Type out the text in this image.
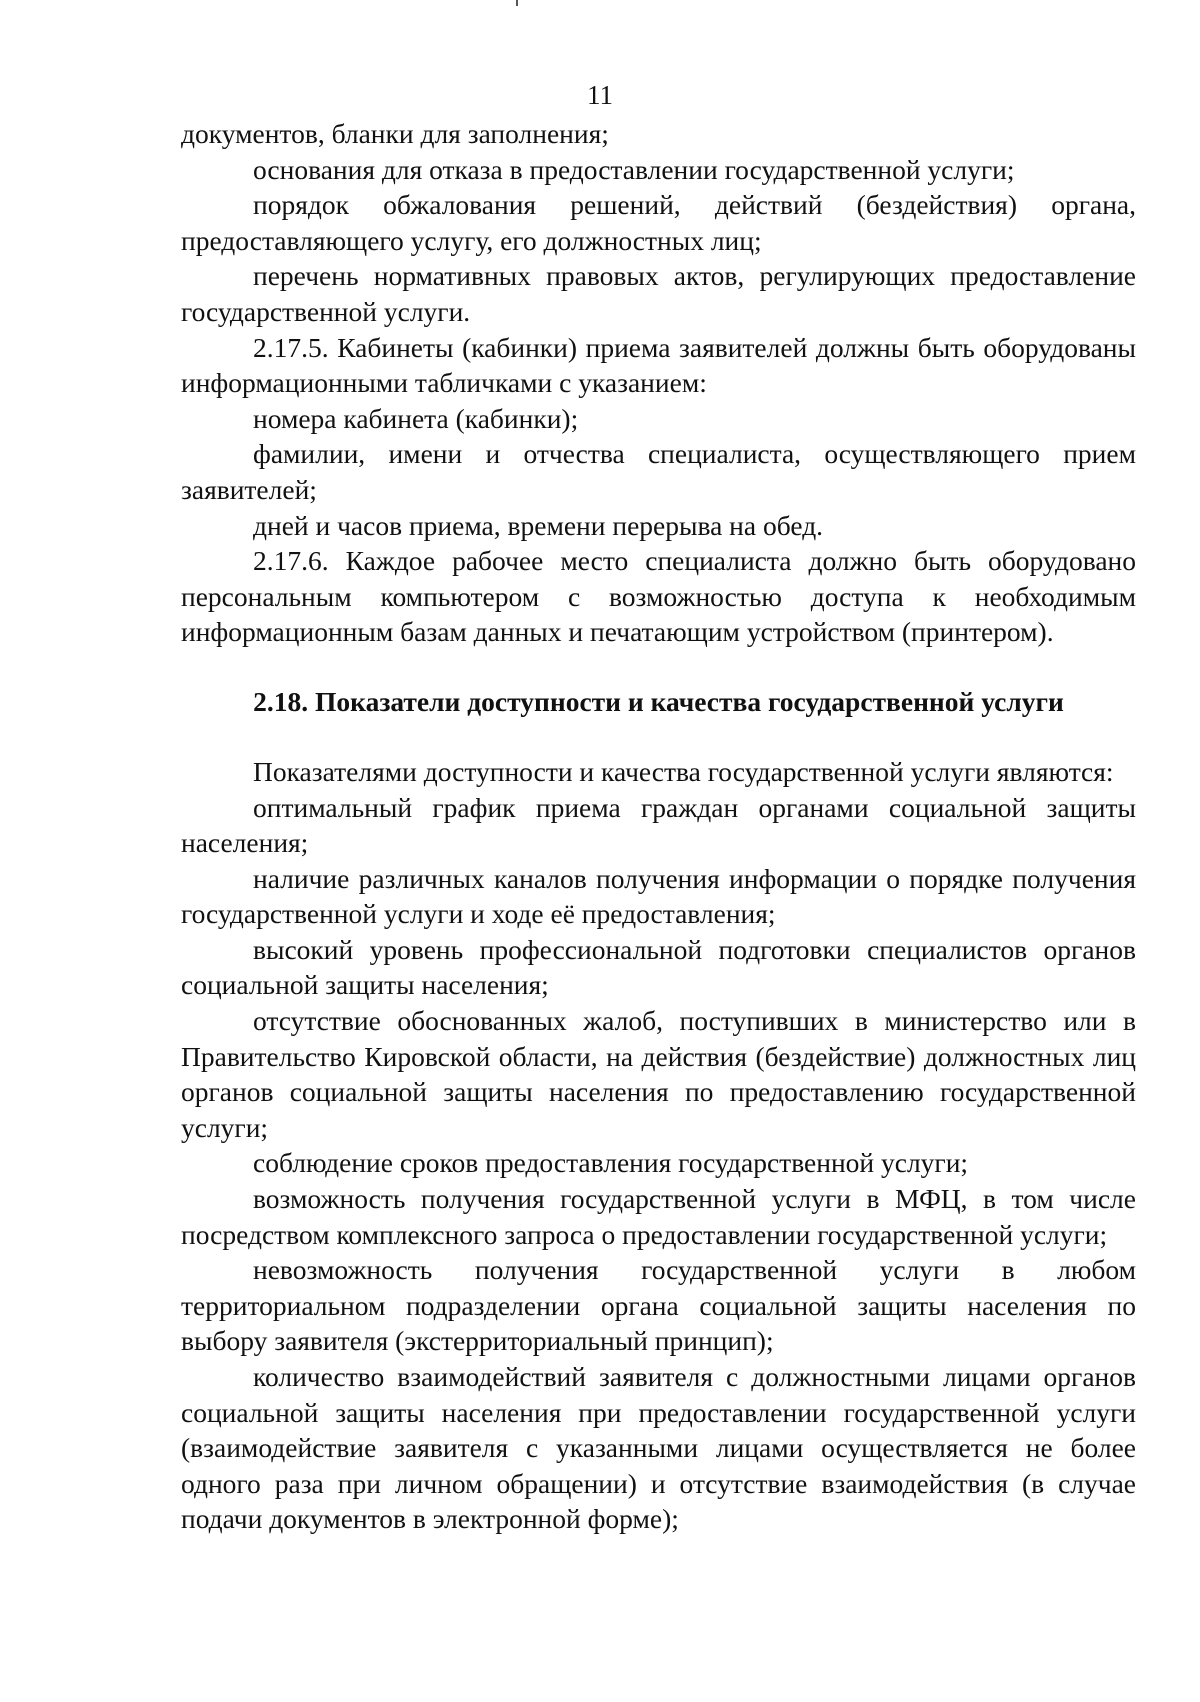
11

документов, бланки для заполнения;

основания для отказа в предоставлении государственной услуги;

порядок обжалования решений, действий (бездействия) органа, предоставляющего услугу, его должностных лиц;

перечень нормативных правовых актов, регулирующих предоставление государственной услуги.

2.17.5. Кабинеты (кабинки) приема заявителей должны быть оборудованы информационными табличками с указанием:

номера кабинета (кабинки);

фамилии, имени и отчества специалиста, осуществляющего прием заявителей;

дней и часов приема, времени перерыва на обед.

2.17.6. Каждое рабочее место специалиста должно быть оборудовано персональным компьютером с возможностью доступа к необходимым информационным базам данных и печатающим устройством (принтером).

2.18. Показатели доступности и качества государственной услуги

Показателями доступности и качества государственной услуги являются:

оптимальный график приема граждан органами социальной защиты населения;

наличие различных каналов получения информации о порядке получения государственной услуги и ходе её предоставления;

высокий уровень профессиональной подготовки специалистов органов социальной защиты населения;

отсутствие обоснованных жалоб, поступивших в министерство или в Правительство Кировской области, на действия (бездействие) должностных лиц органов социальной защиты населения по предоставлению государственной услуги;

соблюдение сроков предоставления государственной услуги;

возможность получения государственной услуги в МФЦ, в том числе посредством комплексного запроса о предоставлении государственной услуги;

невозможность получения государственной услуги в любом территориальном подразделении органа социальной защиты населения по выбору заявителя (экстерриториальный принцип);

количество взаимодействий заявителя с должностными лицами органов социальной защиты населения при предоставлении государственной услуги (взаимодействие заявителя с указанными лицами осуществляется не более одного раза при личном обращении) и отсутствие взаимодействия (в случае подачи документов в электронной форме);
